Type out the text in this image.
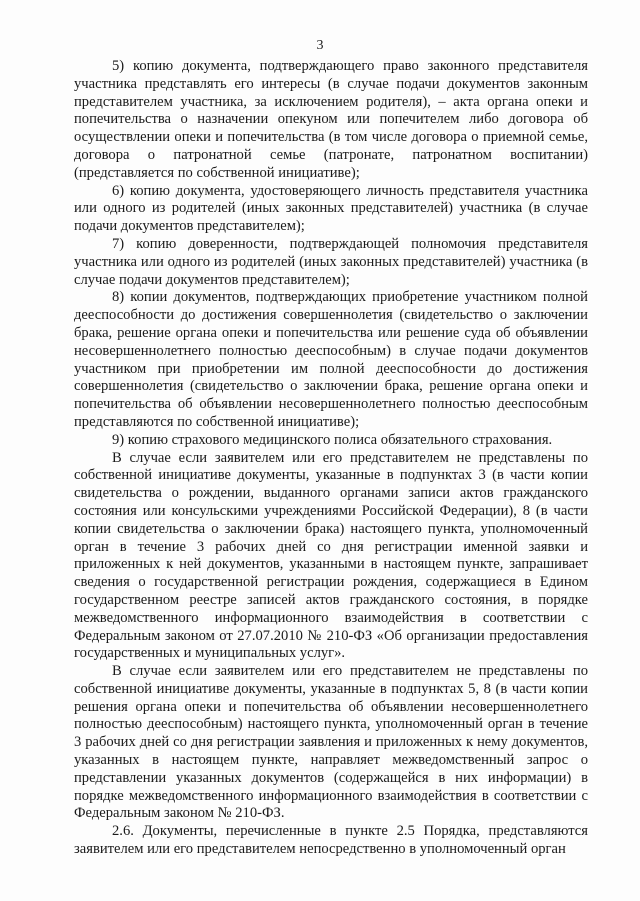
3

5) копию документа, подтверждающего право законного представителя участника представлять его интересы (в случае подачи документов законным представителем участника, за исключением родителя), – акта органа опеки и попечительства о назначении опекуном или попечителем либо договора об осуществлении опеки и попечительства (в том числе договора о приемной семье, договора о патронатной семье (патронате, патронатном воспитании) (представляется по собственной инициативе);

6) копию документа, удостоверяющего личность представителя участника или одного из родителей (иных законных представителей) участника (в случае подачи документов представителем);

7) копию доверенности, подтверждающей полномочия представителя участника или одного из родителей (иных законных представителей) участника (в случае подачи документов представителем);

8) копии документов, подтверждающих приобретение участником полной дееспособности до достижения совершеннолетия (свидетельство о заключении брака, решение органа опеки и попечительства или решение суда об объявлении несовершеннолетнего полностью дееспособным) в случае подачи документов участником при приобретении им полной дееспособности до достижения совершеннолетия (свидетельство о заключении брака, решение органа опеки и попечительства об объявлении несовершеннолетнего полностью дееспособным представляются по собственной инициативе);

9) копию страхового медицинского полиса обязательного страхования.

В случае если заявителем или его представителем не представлены по собственной инициативе документы, указанные в подпунктах 3 (в части копии свидетельства о рождении, выданного органами записи актов гражданского состояния или консульскими учреждениями Российской Федерации), 8 (в части копии свидетельства о заключении брака) настоящего пункта, уполномоченный орган в течение 3 рабочих дней со дня регистрации именной заявки и приложенных к ней документов, указанными в настоящем пункте, запрашивает сведения о государственной регистрации рождения, содержащиеся в Едином государственном реестре записей актов гражданского состояния, в порядке межведомственного информационного взаимодействия в соответствии с Федеральным законом от 27.07.2010 № 210-ФЗ «Об организации предоставления государственных и муниципальных услуг».

В случае если заявителем или его представителем не представлены по собственной инициативе документы, указанные в подпунктах 5, 8 (в части копии решения органа опеки и попечительства об объявлении несовершеннолетнего полностью дееспособным) настоящего пункта, уполномоченный орган в течение 3 рабочих дней со дня регистрации заявления и приложенных к нему документов, указанных в настоящем пункте, направляет межведомственный запрос о представлении указанных документов (содержащейся в них информации) в порядке межведомственного информационного взаимодействия в соответствии с Федеральным законом № 210-ФЗ.

2.6. Документы, перечисленные в пункте 2.5 Порядка, представляются заявителем или его представителем непосредственно в уполномоченный орган
